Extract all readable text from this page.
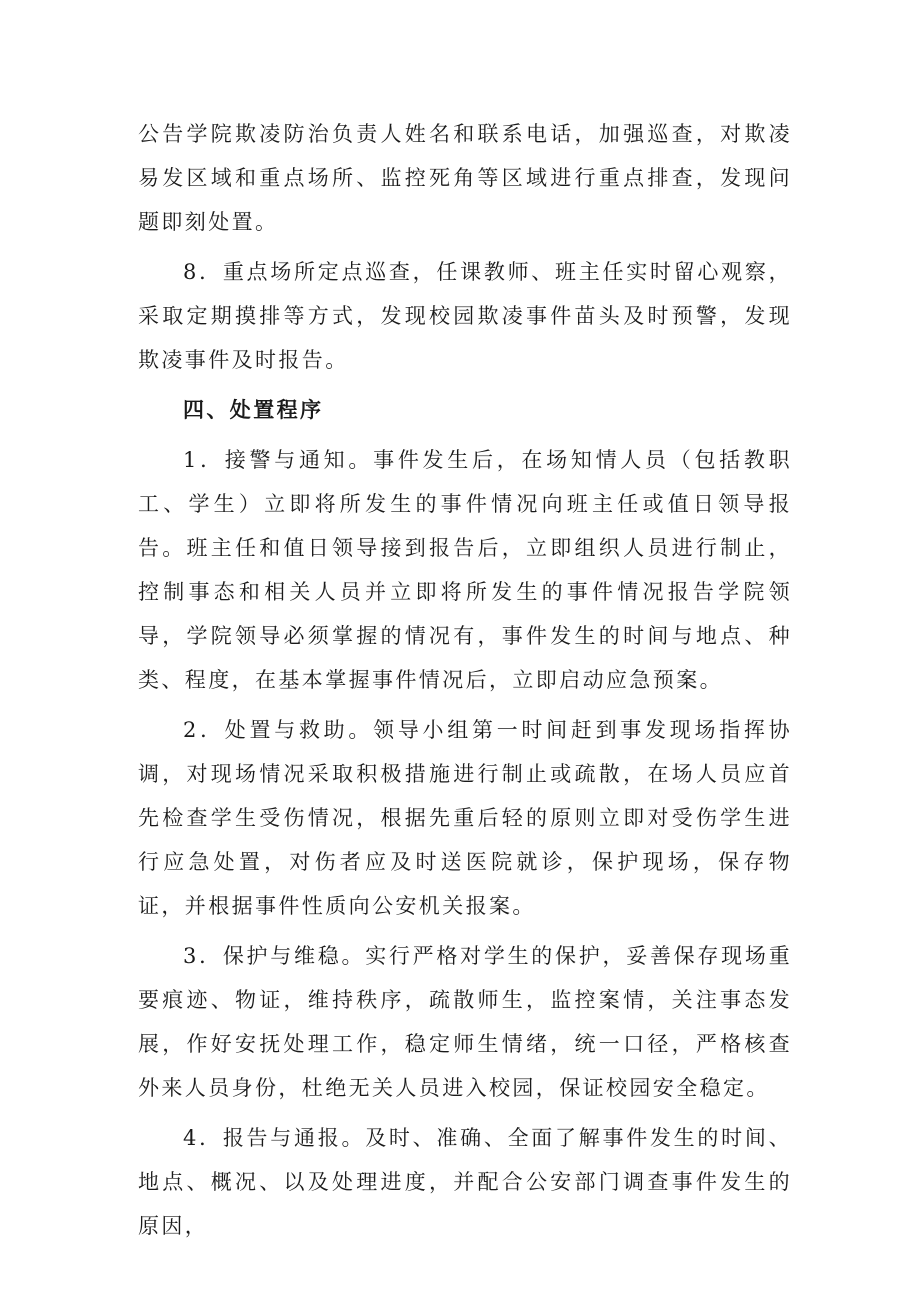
公告学院欺凌防治负责人姓名和联系电话，加强巡查，对欺凌易发区域和重点场所、监控死角等区域进行重点排查，发现问题即刻处置。

8．重点场所定点巡查，任课教师、班主任实时留心观察，采取定期摸排等方式，发现校园欺凌事件苗头及时预警，发现欺凌事件及时报告。

四、处置程序

1．接警与通知。事件发生后，在场知情人员（包括教职工、学生）立即将所发生的事件情况向班主任或值日领导报告。班主任和值日领导接到报告后，立即组织人员进行制止，控制事态和相关人员并立即将所发生的事件情况报告学院领导，学院领导必须掌握的情况有，事件发生的时间与地点、种类、程度，在基本掌握事件情况后，立即启动应急预案。

2．处置与救助。领导小组第一时间赶到事发现场指挥协调，对现场情况采取积极措施进行制止或疏散，在场人员应首先检查学生受伤情况，根据先重后轻的原则立即对受伤学生进行应急处置，对伤者应及时送医院就诊，保护现场，保存物证，并根据事件性质向公安机关报案。

3．保护与维稳。实行严格对学生的保护，妥善保存现场重要痕迹、物证，维持秩序，疏散师生，监控案情，关注事态发展，作好安抚处理工作，稳定师生情绪，统一口径，严格核查外来人员身份，杜绝无关人员进入校园，保证校园安全稳定。

4．报告与通报。及时、准确、全面了解事件发生的时间、地点、概况、以及处理进度，并配合公安部门调查事件发生的原因，
